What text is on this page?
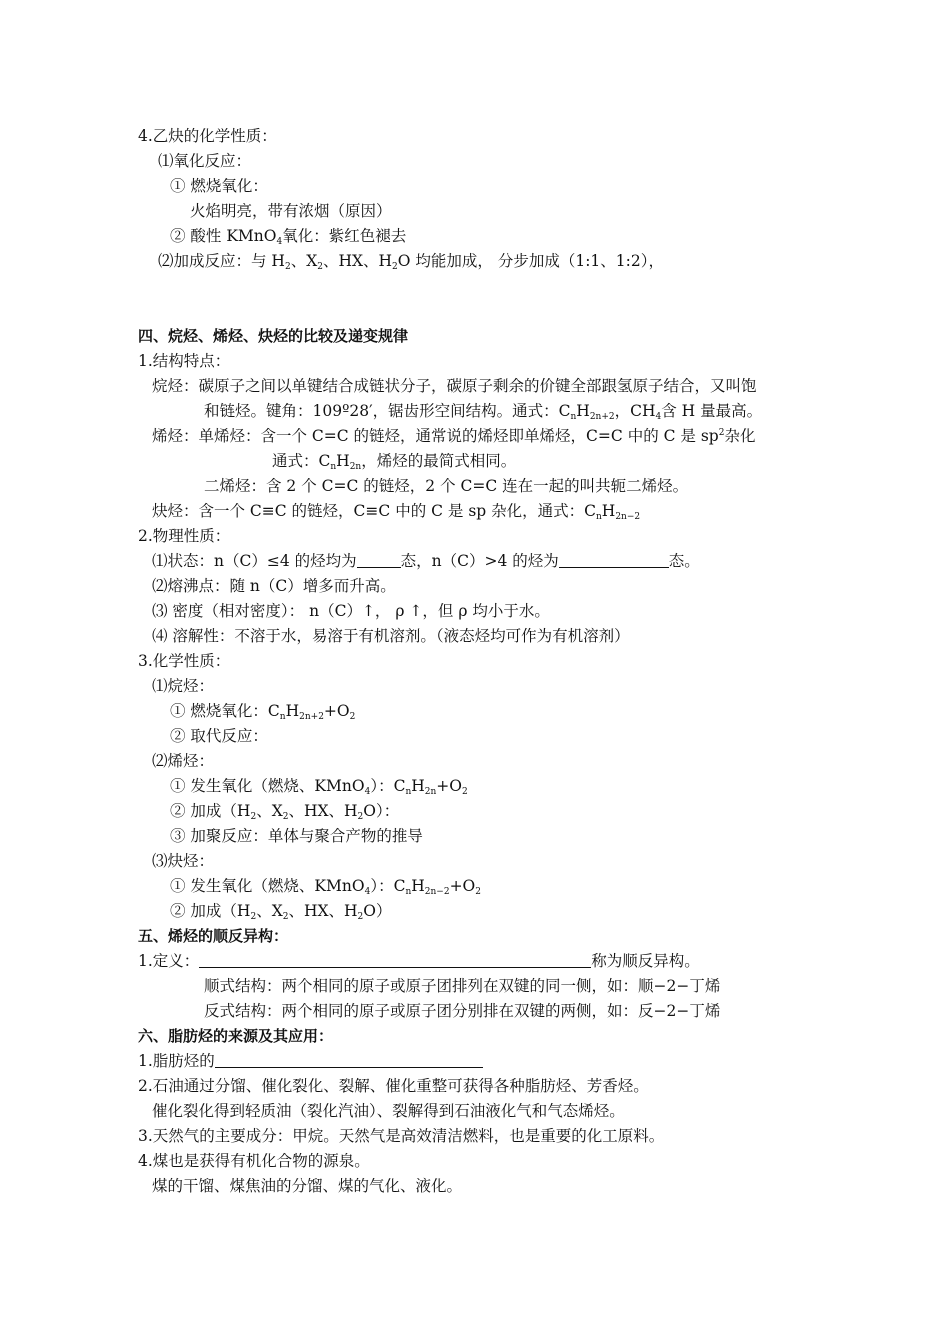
4.乙炔的化学性质：
⑴氧化反应：
① 燃烧氧化：
火焰明亮，带有浓烟（原因）
② 酸性 KMnO$_4$氧化：紫红色褪去
⑵加成反应：与 $H_2$、$X_2$、HX、$H_2O$ 均能加成， 分步加成（1:1、1:2），
四、烷烃、烯烃、炔烃的比较及递变规律
1.结构特点：
烷烃：碳原子之间以单键结合成链状分子，碳原子剩余的价键全部跟氢原子结合，又叫饱
和链烃。键角：109º28′，锯齿形空间结构。通式：$C_nH_{2n+2}$，$CH_4$含 H 量最高。
烯烃：单烯烃：含一个 C=C 的链烃，通常说的烯烃即单烯烃，C=C 中的 C 是 $sp^2$杂化
通式：$C_nH_{2n}$，烯烃的最简式相同。
二烯烃：含 2 个 C=C 的链烃，2 个 C=C 连在一起的叫共轭二烯烃。
炔烃：含一个 C≡C 的链烃，C≡C 中的 C 是 sp 杂化，通式：$C_nH_{2n-2}$
2.物理性质：
⑴状态：n（C）≤4 的烃均为	态，n（C）>4 的烃为	态。
⑵熔沸点：随 n（C）增多而升高。
⑶ 密度（相对密度）： n（C）↑， ρ ↑，但 ρ 均小于水。
⑷ 溶解性：不溶于水，易溶于有机溶剂。（液态烃均可作为有机溶剂）
3.化学性质：
⑴烷烃：
① 燃烧氧化：$C_nH_{2n+2}+O_2$
② 取代反应：
⑵烯烃：
① 发生氧化（燃烧、KMnO$_4$）：$C_nH_{2n}+O_2$
② 加成（$H_2$、$X_2$、HX、$H_2O$）：
③ 加聚反应：单体与聚合产物的推导
⑶炔烃：
① 发生氧化（燃烧、KMnO$_4$）：$C_nH_{2n-2}+O_2$
② 加成（$H_2$、$X_2$、HX、$H_2O$）
五、烯烃的顺反异构：
1.定义：	称为顺反异构。
顺式结构：两个相同的原子或原子团排列在双键的同一侧，如：顺−2−丁烯
反式结构：两个相同的原子或原子团分别排在双键的两侧，如：反−2−丁烯
六、脂肪烃的来源及其应用：
1.脂肪烃的
2.石油通过分馏、催化裂化、裂解、催化重整可获得各种脂肪烃、芳香烃。
催化裂化得到轻质油（裂化汽油）、裂解得到石油液化气和气态烯烃。
3.天然气的主要成分：甲烷。天然气是高效清洁燃料，也是重要的化工原料。
4.煤也是获得有机化合物的源泉。
煤的干馏、煤焦油的分馏、煤的气化、液化。
